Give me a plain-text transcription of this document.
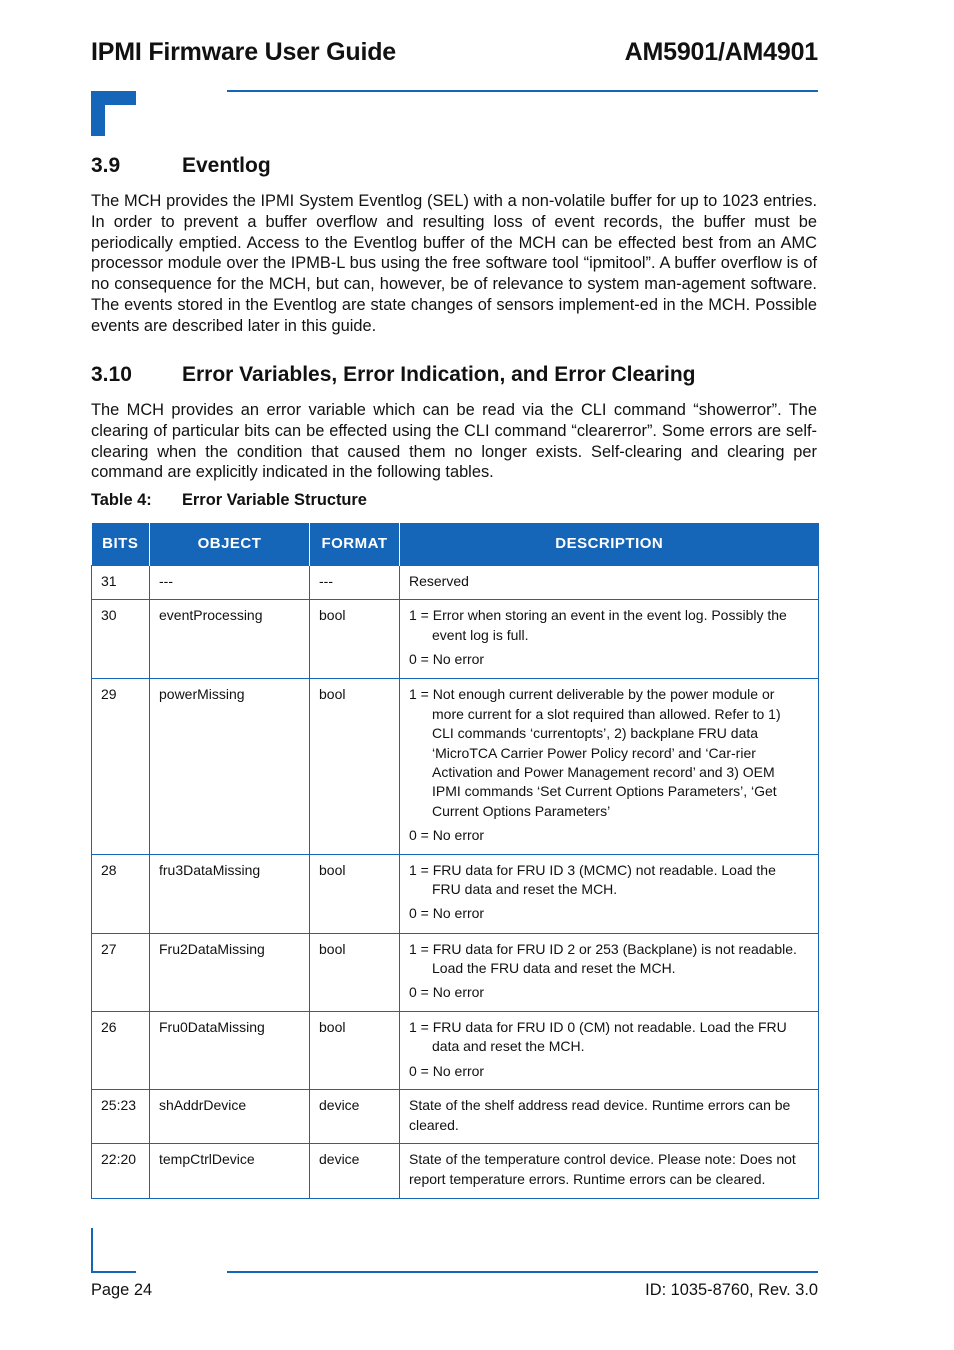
IPMI Firmware User Guide	AM5901/AM4901
3.9	Eventlog

The MCH provides the IPMI System Eventlog (SEL) with a non-volatile buffer for up to 1023 entries. In order to prevent a buffer overflow and resulting loss of event records, the buffer must be periodically emptied. Access to the Eventlog buffer of the MCH can be effected best from an AMC processor module over the IPMB-L bus using the free software tool “ipmitool”. A buffer overflow is of no consequence for the MCH, but can, however, be of relevance to system man-agement software. The events stored in the Eventlog are state changes of sensors implement-ed in the MCH. Possible events are described later in this guide.

3.10 Error Variables, Error Indication, and Error Clearing

The MCH provides an error variable which can be read via the CLI command “showerror”. The clearing of particular bits can be effected using the CLI command “clearerror”. Some errors are self-clearing when the condition that caused them no longer exists. Self-clearing and clearing per command are explicitly indicated in the following tables.

Table 4: Error Variable Structure
BITS	OBJECT	FORMAT	DESCRIPTION
31	---	---	Reserved

30	eventProcessing	bool	1 = Error when storing an event in the event log. Possibly the event log is full.
0 = No error

29	powerMissing	bool	1 = Not enough current deliverable by the power module or more current for a slot required than allowed. Refer to 1) CLI commands ‘currentopts’, 2) backplane FRU data ‘MicroTCA Carrier Power Policy record’ and ‘Car-rier Activation and Power Management record’ and 3) OEM IPMI commands ‘Set Current Options Parameters’, ‘Get Current Options Parameters’
0 = No error

28	fru3DataMissing	bool	1 = FRU data for FRU ID 3 (MCMC) not readable. Load the FRU data and reset the MCH.
0 = No error

27	Fru2DataMissing	bool	1 = FRU data for FRU ID 2 or 253 (Backplane) is not readable. Load the FRU data and reset the MCH.
0 = No error

26	Fru0DataMissing	bool	1 = FRU data for FRU ID 0 (CM) not readable. Load the FRU data and reset the MCH.
0 = No error

25:23	shAddrDevice	device	State of the shelf address read device. Runtime errors can be cleared.

22:20	tempCtrlDevice	device	State of the temperature control device. Please note: Does not report temperature errors. Runtime errors can be cleared.
Page 24	ID: 1035-8760, Rev. 3.0
